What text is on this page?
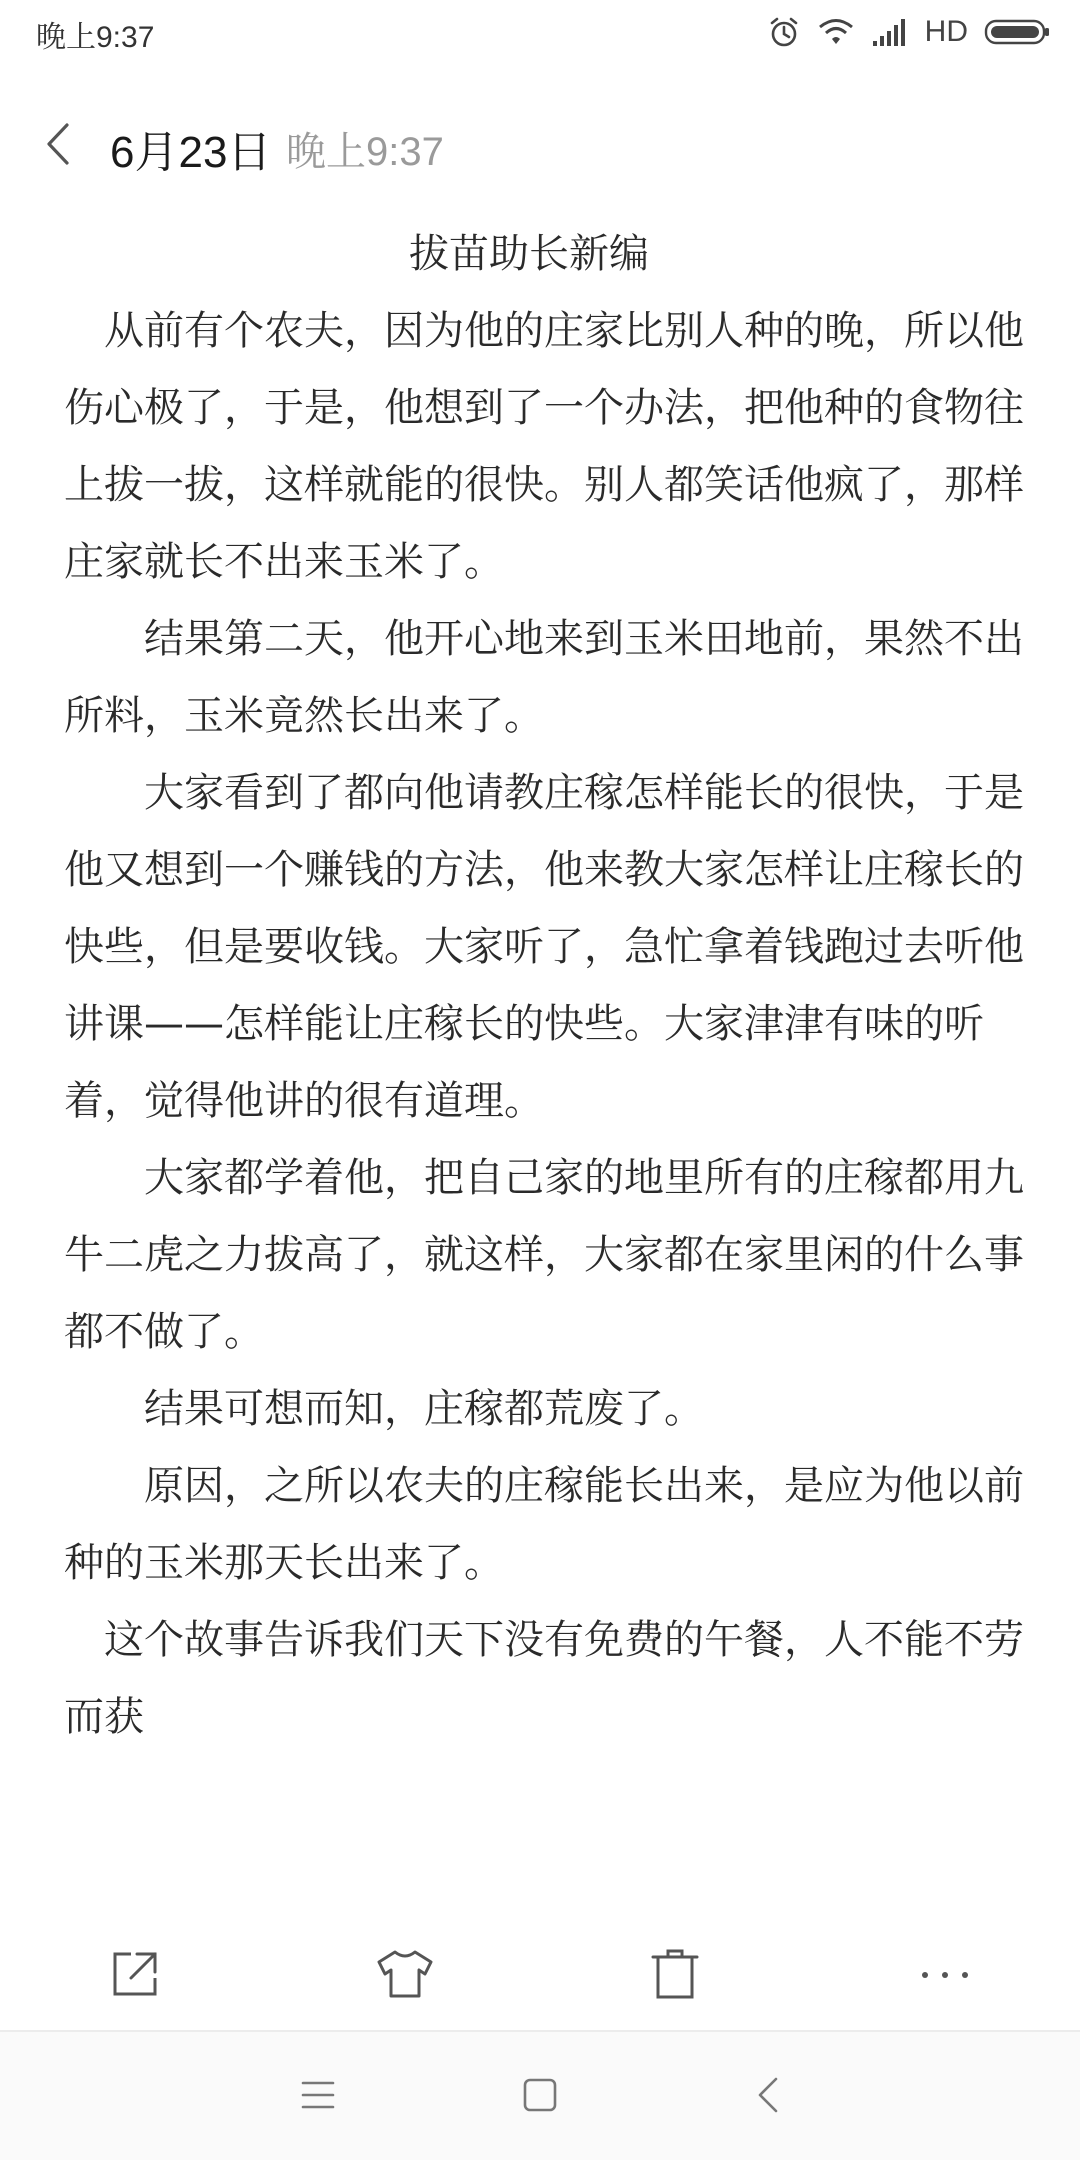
晚上9:37	HD
6月23日 晚上9:37
拔苗助长新编

　从前有个农夫，因为他的庄家比别人种的晚，所以他伤心极了，于是，他想到了一个办法，把他种的食物往上拔一拔，这样就能的很快。别人都笑话他疯了，那样庄家就长不出来玉米了。

　　结果第二天，他开心地来到玉米田地前，果然不出所料，玉米竟然长出来了。

　　大家看到了都向他请教庄稼怎样能长的很快，于是他又想到一个赚钱的方法，他来教大家怎样让庄稼长的快些，但是要收钱。大家听了，急忙拿着钱跑过去听他讲课——怎样能让庄稼长的快些。大家津津有味的听着，觉得他讲的很有道理。

　　大家都学着他，把自己家的地里所有的庄稼都用九牛二虎之力拔高了，就这样，大家都在家里闲的什么事都不做了。

　　结果可想而知，庄稼都荒废了。

　　原因，之所以农夫的庄稼能长出来，是应为他以前种的玉米那天长出来了。

　这个故事告诉我们天下没有免费的午餐，人不能不劳而获
